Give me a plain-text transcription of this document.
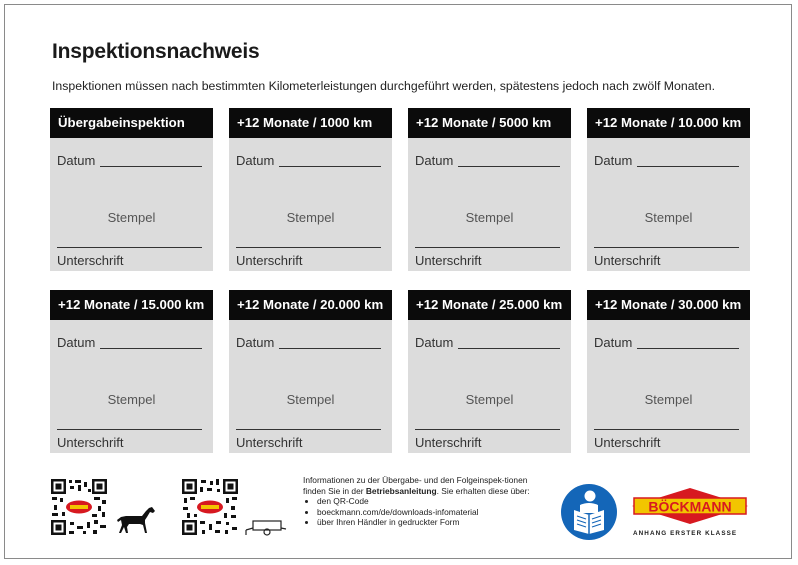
Inspektionsnachweis
Inspektionen müssen nach bestimmten Kilometerleistungen durchgeführt werden, spätestens jedoch nach zwölf Monaten.
Übergabeinspektion
Datum
Stempel
Unterschrift
+12 Monate / 1000 km
Datum
Stempel
Unterschrift
+12 Monate / 5000 km
Datum
Stempel
Unterschrift
+12 Monate / 10.000 km
Datum
Stempel
Unterschrift
+12 Monate / 15.000 km
Datum
Stempel
Unterschrift
+12 Monate / 20.000 km
Datum
Stempel
Unterschrift
+12 Monate / 25.000 km
Datum
Stempel
Unterschrift
+12 Monate / 30.000 km
Datum
Stempel
Unterschrift
Informationen zu der Übergabe- und den Folgeinspek-tionen finden Sie in der Betriebsanleitung. Sie erhalten diese über:
• den QR-Code
• boeckmann.com/de/downloads-infomaterial
• über Ihren Händler in gedruckter Form
BÖCKMANN
ANHANG ERSTER KLASSE
